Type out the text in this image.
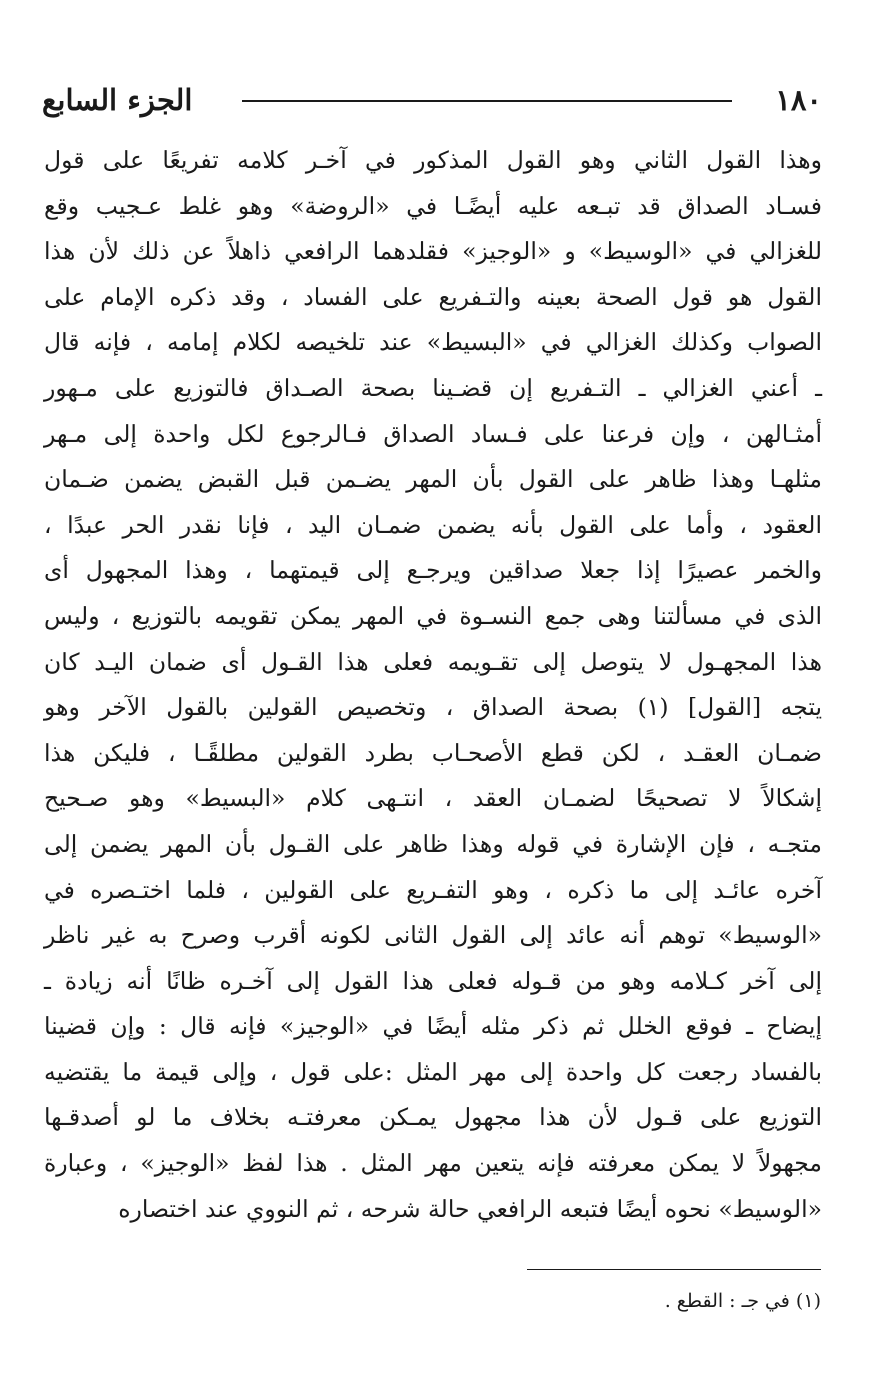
١٨٠
الجزء السابع
وهذا القول الثاني وهو القول المذكور في آخـر كلامه تفريعًا على قول
فسـاد الصداق قد تبـعه عليه أيضًـا في «الروضة» وهو غلط عـجيب وقع
للغزالي في «الوسيط» و «الوجيز» فقلدهما الرافعي ذاهلاً عن ذلك لأن هذا
القول هو قول الصحة بعينه والتـفريع على الفساد ، وقد ذكره الإمام على
الصواب وكذلك الغزالي في «البسيط» عند تلخيصه لكلام إمامه ، فإنه قال
ـ أعني الغزالي ـ التـفريع إن قضـينا بصحة الصـداق فالتوزيع على مـهور
أمثـالهن ، وإن فرعنا على فـساد الصداق فـالرجوع لكل واحدة إلى مـهر
مثلهـا وهذا ظاهر على القول بأن المهر يضـمن قبل القبض يضمن ضـمان
العقود ، وأما على القول بأنه يضمن ضمـان اليد ، فإنا نقدر الحر عبدًا ،
والخمر عصيرًا إذا جعلا صداقين ويرجـع إلى قيمتهما ، وهذا المجهول أى
الذى في مسألتنا وهى جمع النسـوة في المهر يمكن تقويمه بالتوزيع ، وليس
هذا المجهـول لا يتوصل إلى تقـويمه فعلى هذا القـول أى ضمان اليـد كان
يتجه [القول] (١) بصحة الصداق ، وتخصيص القولين بالقول الآخر وهو
ضمـان العقـد ، لكن قطع الأصحـاب بطرد القولين مطلقًـا ، فليكن هذا
إشكالاً لا تصحيحًا لضمـان العقد ، انتـهى كلام «البسيط» وهو صـحيح
متجـه ، فإن الإشارة في قوله وهذا ظاهر على القـول بأن المهر يضمن إلى
آخره عائـد إلى ما ذكره ، وهو التفـريع على القولين ، فلما اختـصره في
«الوسيط» توهم أنه عائد إلى القول الثانى لكونه أقرب وصرح به غير ناظر
إلى آخر كـلامه وهو من قـوله فعلى هذا القول إلى آخـره ظانًا أنه زيادة ـ
إيضاح ـ فوقع الخلل ثم ذكر مثله أيضًا في «الوجيز» فإنه قال : وإن قضينا
بالفساد رجعت كل واحدة إلى مهر المثل :على قول ، وإلى قيمة ما يقتضيه
التوزيع على قـول لأن هذا مجهول يمـكن معرفتـه بخلاف ما لو أصدقـها
مجهولاً لا يمكن معرفته فإنه يتعين مهر المثل . هذا لفظ «الوجيز» ، وعبارة
«الوسيط» نحوه أيضًا فتبعه الرافعي حالة شرحه ، ثم النووي عند اختصاره
(١) في جـ : القطع .
